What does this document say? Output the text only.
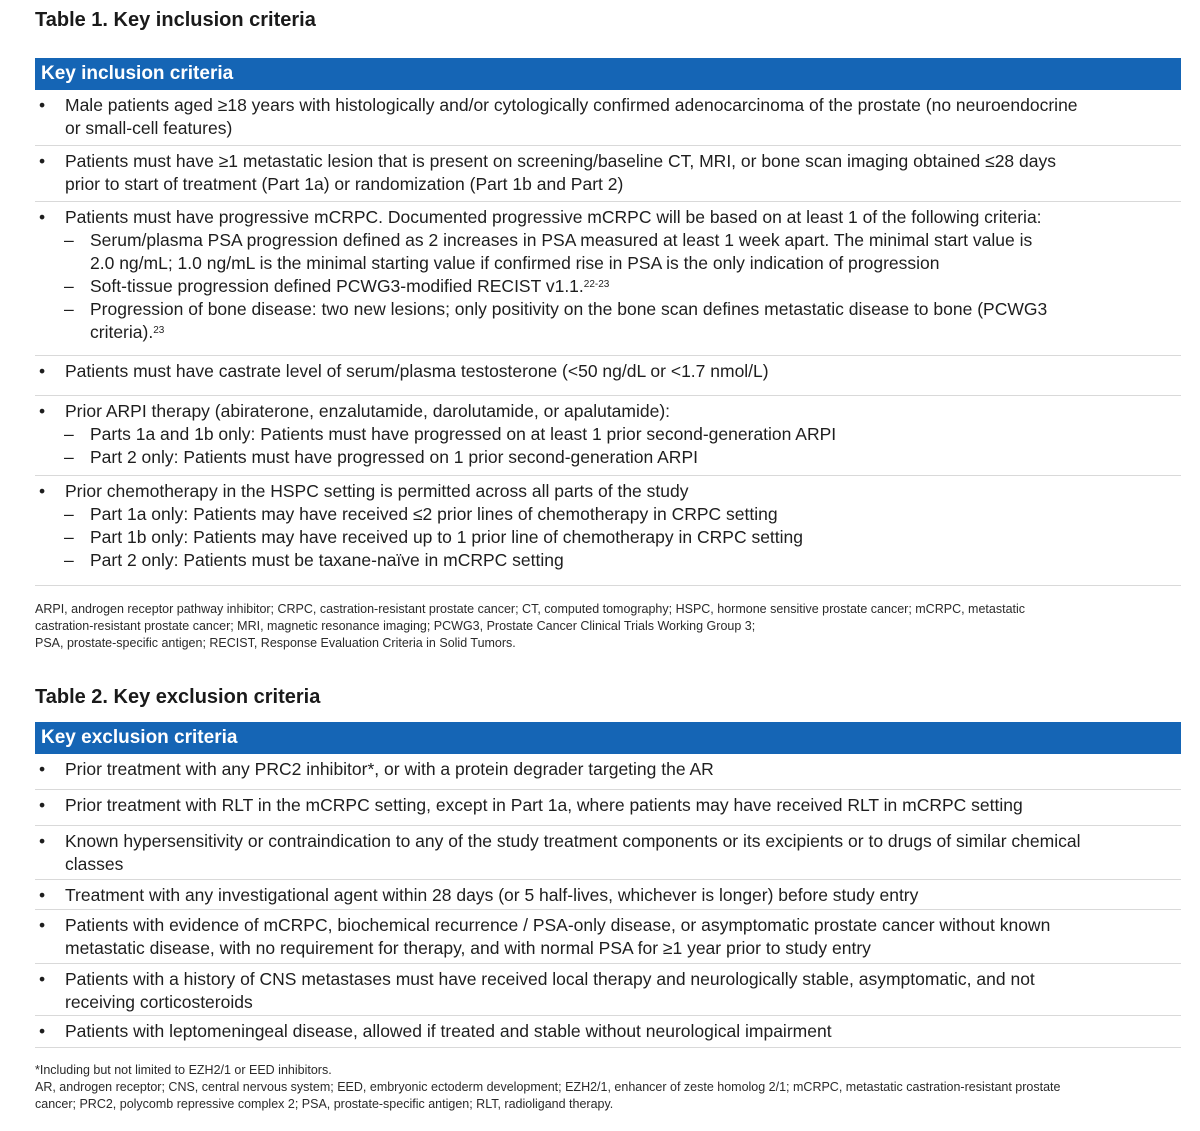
Table 1. Key inclusion criteria
Key inclusion criteria
• Male patients aged ≥18 years with histologically and/or cytologically confirmed adenocarcinoma of the prostate (no neuroendocrine
or small-cell features)
• Patients must have ≥1 metastatic lesion that is present on screening/baseline CT, MRI, or bone scan imaging obtained ≤28 days
prior to start of treatment (Part 1a) or randomization (Part 1b and Part 2)
• Patients must have progressive mCRPC. Documented progressive mCRPC will be based on at least 1 of the following criteria:
– Serum/plasma PSA progression defined as 2 increases in PSA measured at least 1 week apart. The minimal start value is
2.0 ng/mL; 1.0 ng/mL is the minimal starting value if confirmed rise in PSA is the only indication of progression
– Soft-tissue progression defined PCWG3-modified RECIST v1.1.$^{22-23}$
– Progression of bone disease: two new lesions; only positivity on the bone scan defines metastatic disease to bone (PCWG3
criteria).$^{23}$
• Patients must have castrate level of serum/plasma testosterone (<50 ng/dL or <1.7 nmol/L)
• Prior ARPI therapy (abiraterone, enzalutamide, darolutamide, or apalutamide):
– Parts 1a and 1b only: Patients must have progressed on at least 1 prior second-generation ARPI
– Part 2 only: Patients must have progressed on 1 prior second-generation ARPI
• Prior chemotherapy in the HSPC setting is permitted across all parts of the study
– Part 1a only: Patients may have received ≤2 prior lines of chemotherapy in CRPC setting
– Part 1b only: Patients may have received up to 1 prior line of chemotherapy in CRPC setting
– Part 2 only: Patients must be taxane-naïve in mCRPC setting
ARPI, androgen receptor pathway inhibitor; CRPC, castration-resistant prostate cancer; CT, computed tomography; HSPC, hormone sensitive prostate cancer; mCRPC, metastatic
castration-resistant prostate cancer; MRI, magnetic resonance imaging; PCWG3, Prostate Cancer Clinical Trials Working Group 3;
PSA, prostate-specific antigen; RECIST, Response Evaluation Criteria in Solid Tumors.
Table 2. Key exclusion criteria
Key exclusion criteria
• Prior treatment with any PRC2 inhibitor*, or with a protein degrader targeting the AR
• Prior treatment with RLT in the mCRPC setting, except in Part 1a, where patients may have received RLT in mCRPC setting
• Known hypersensitivity or contraindication to any of the study treatment components or its excipients or to drugs of similar chemical
classes
• Treatment with any investigational agent within 28 days (or 5 half-lives, whichever is longer) before study entry
• Patients with evidence of mCRPC, biochemical recurrence / PSA-only disease, or asymptomatic prostate cancer without known
metastatic disease, with no requirement for therapy, and with normal PSA for ≥1 year prior to study entry
• Patients with a history of CNS metastases must have received local therapy and neurologically stable, asymptomatic, and not
receiving corticosteroids
• Patients with leptomeningeal disease, allowed if treated and stable without neurological impairment
*Including but not limited to EZH2/1 or EED inhibitors.
AR, androgen receptor; CNS, central nervous system; EED, embryonic ectoderm development; EZH2/1, enhancer of zeste homolog 2/1; mCRPC, metastatic castration-resistant prostate
cancer; PRC2, polycomb repressive complex 2; PSA, prostate-specific antigen; RLT, radioligand therapy.
